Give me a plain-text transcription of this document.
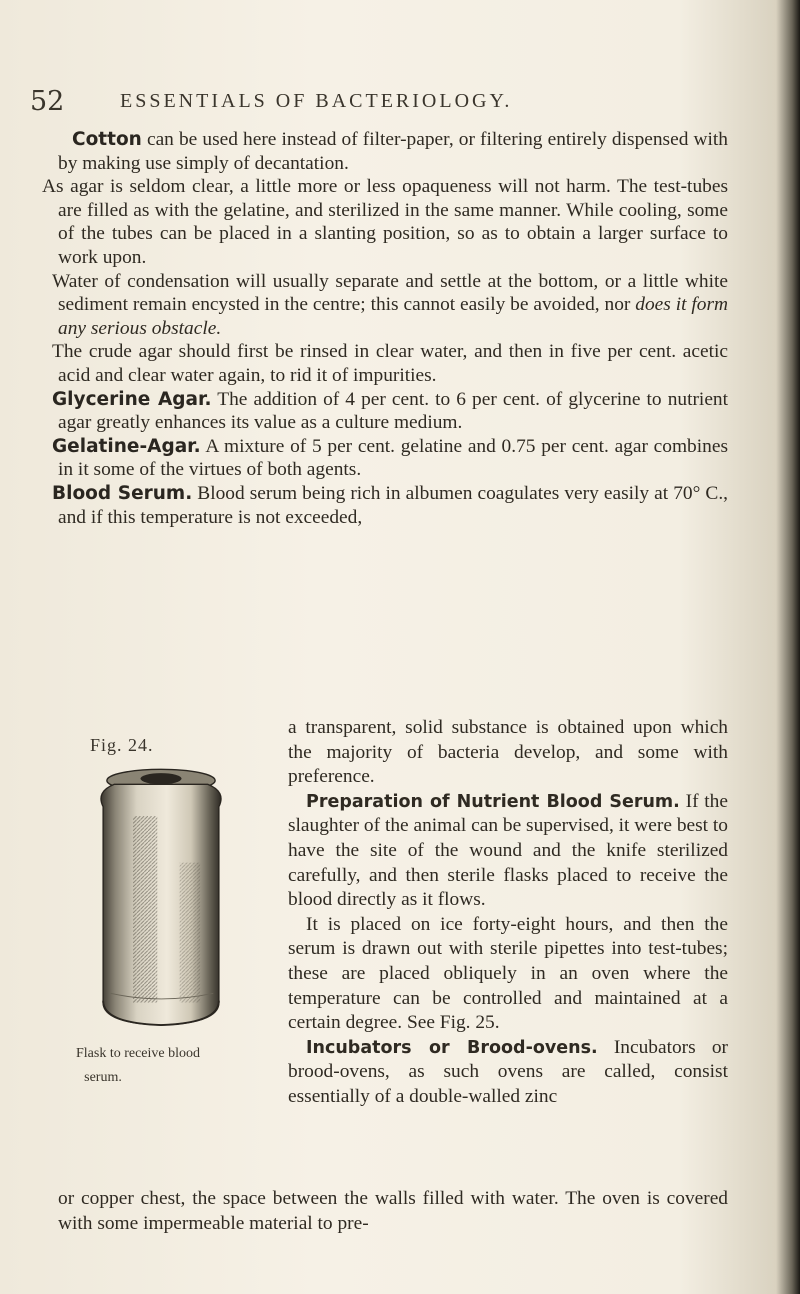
52	ESSENTIALS OF BACTERIOLOGY.

Cotton can be used here instead of filter-paper, or filtering entirely dispensed with by making use simply of decantation.

As agar is seldom clear, a little more or less opaqueness will not harm. The test-tubes are filled as with the gelatine, and sterilized in the same manner. While cooling, some of the tubes can be placed in a slanting position, so as to obtain a larger surface to work upon.

Water of condensation will usually separate and settle at the bottom, or a little white sediment remain encysted in the centre; this cannot easily be avoided, nor does it form any serious obstacle.

The crude agar should first be rinsed in clear water, and then in five per cent. acetic acid and clear water again, to rid it of impurities.

Glycerine Agar. The addition of 4 per cent. to 6 per cent. of glycerine to nutrient agar greatly enhances its value as a culture medium.

Gelatine-Agar. A mixture of 5 per cent. gelatine and 0.75 per cent. agar combines in it some of the virtues of both agents.

Blood Serum. Blood serum being rich in albumen coagulates very easily at 70° C., and if this temperature is not exceeded,

Fig. 24.
Flask to receive blood
serum.

a transparent, solid substance is obtained upon which the majority of bacteria develop, and some with preference.

Preparation of Nutrient Blood Serum. If the slaughter of the animal can be supervised, it were best to have the site of the wound and the knife sterilized carefully, and then sterile flasks placed to receive the blood directly as it flows.

It is placed on ice forty-eight hours, and then the serum is drawn out with sterile pipettes into test-tubes; these are placed obliquely in an oven where the temperature can be controlled and maintained at a certain degree. See Fig. 25.

Incubators or Brood-ovens. Incubators or brood-ovens, as such ovens are called, consist essentially of a double-walled zinc

or copper chest, the space between the walls filled with water. The oven is covered with some impermeable material to pre-
